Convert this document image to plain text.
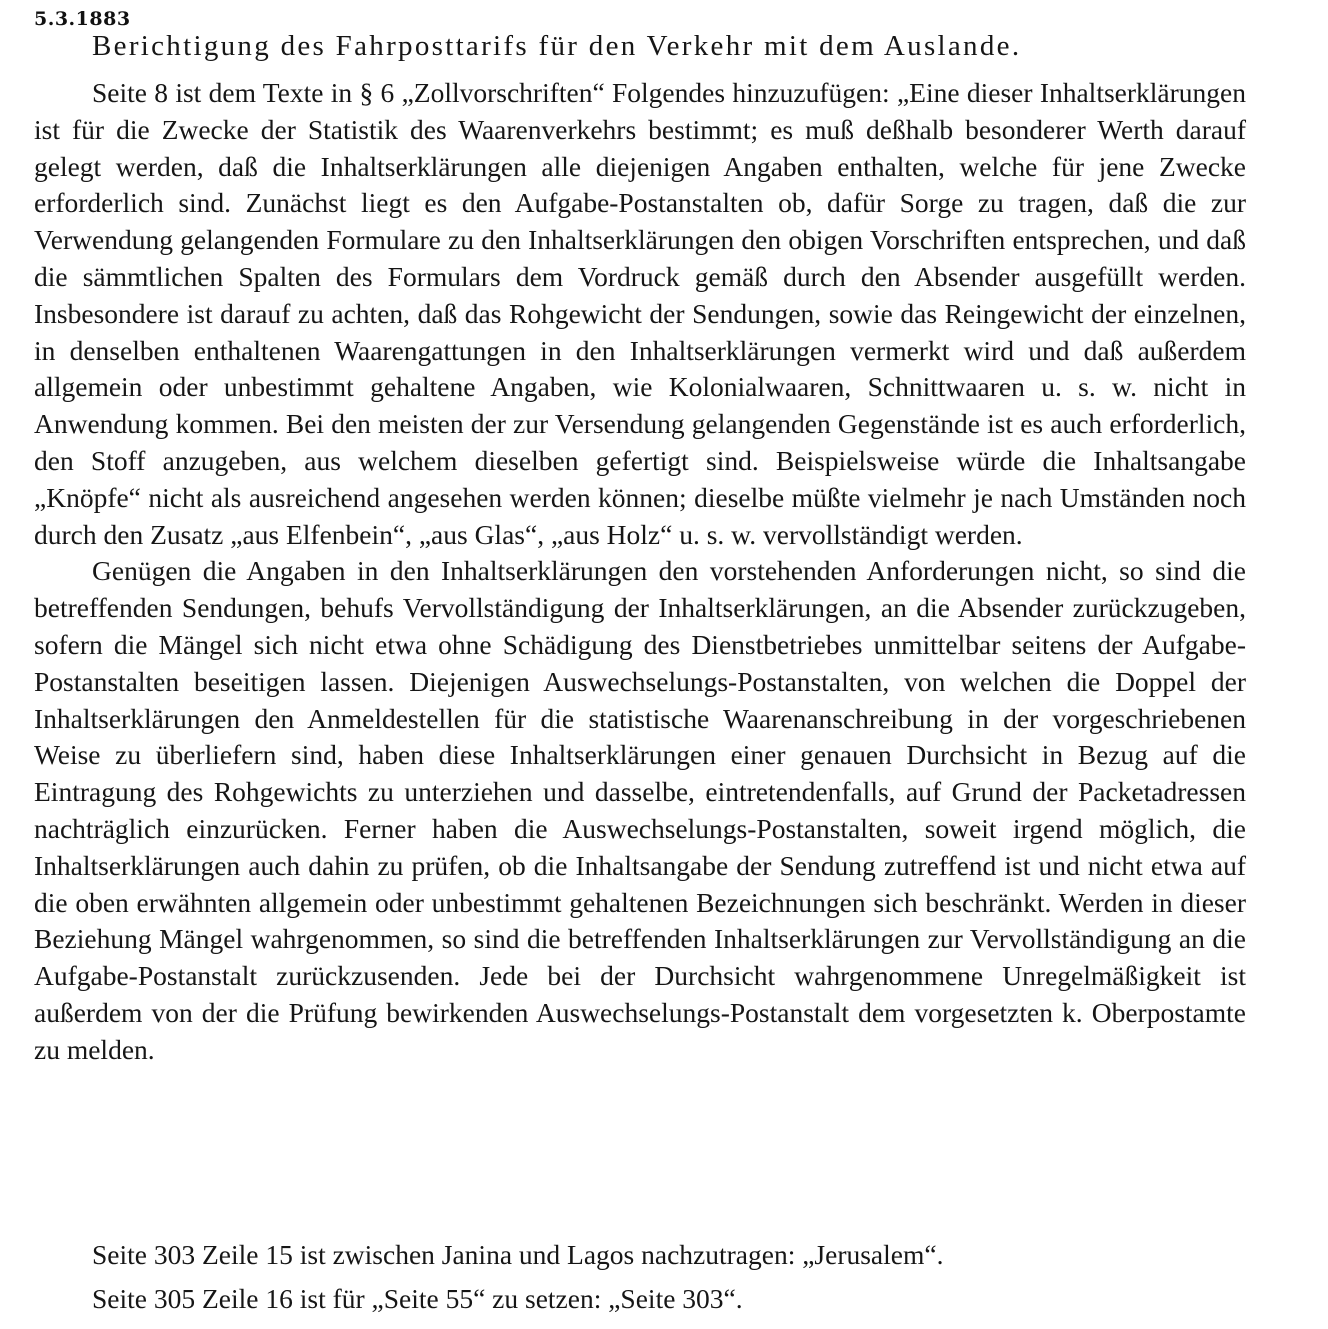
5.3.1883
Berichtigung des Fahrposttarifs für den Verkehr mit dem Auslande.

Seite 8 ist dem Texte in § 6 „Zollvorschriften“ Folgendes hinzuzufügen: „Eine dieser Inhaltserklärungen ist für die Zwecke der Statistik des Waarenverkehrs bestimmt; es muß deßhalb besonderer Werth darauf gelegt werden, daß die Inhaltserklärungen alle diejenigen Angaben enthalten, welche für jene Zwecke erforderlich sind. Zunächst liegt es den Aufgabe-Postanstalten ob, dafür Sorge zu tragen, daß die zur Verwendung gelangenden Formulare zu den Inhaltserklärungen den obigen Vorschriften entsprechen, und daß die sämmtlichen Spalten des Formulars dem Vordruck gemäß durch den Absender ausgefüllt werden. Insbesondere ist darauf zu achten, daß das Rohgewicht der Sendungen, sowie das Reingewicht der einzelnen, in denselben enthaltenen Waarengattungen in den Inhaltserklärungen vermerkt wird und daß außerdem allgemein oder unbestimmt gehaltene Angaben, wie Kolonialwaaren, Schnittwaaren u. s. w. nicht in Anwendung kommen. Bei den meisten der zur Versendung gelangenden Gegenstände ist es auch erforderlich, den Stoff anzugeben, aus welchem dieselben gefertigt sind. Beispielsweise würde die Inhaltsangabe „Knöpfe“ nicht als ausreichend angesehen werden können; dieselbe müßte vielmehr je nach Umständen noch durch den Zusatz „aus Elfenbein“, „aus Glas“, „aus Holz“ u. s. w. vervollständigt werden.

Genügen die Angaben in den Inhaltserklärungen den vorstehenden Anforderungen nicht, so sind die betreffenden Sendungen, behufs Vervollständigung der Inhaltserklärungen, an die Absender zurückzugeben, sofern die Mängel sich nicht etwa ohne Schädigung des Dienstbetriebes unmittelbar seitens der Aufgabe-Postanstalten beseitigen lassen. Diejenigen Auswechselungs-Postanstalten, von welchen die Doppel der Inhaltserklärungen den Anmeldestellen für die statistische Waarenanschreibung in der vorgeschriebenen Weise zu überliefern sind, haben diese Inhaltserklärungen einer genauen Durchsicht in Bezug auf die Eintragung des Rohgewichts zu unterziehen und dasselbe, eintretendenfalls, auf Grund der Packetadressen nachträglich einzurücken. Ferner haben die Auswechselungs-Postanstalten, soweit irgend möglich, die Inhaltserklärungen auch dahin zu prüfen, ob die Inhaltsangabe der Sendung zutreffend ist und nicht etwa auf die oben erwähnten allgemein oder unbestimmt gehaltenen Bezeichnungen sich beschränkt. Werden in dieser Beziehung Mängel wahrgenommen, so sind die betreffenden Inhaltserklärungen zur Vervollständigung an die Aufgabe-Postanstalt zurückzusenden. Jede bei der Durchsicht wahrgenommene Unregelmäßigkeit ist außerdem von der die Prüfung bewirkenden Auswechselungs-Postanstalt dem vorgesetzten k. Oberpostamte zu melden.

Seite 303 Zeile 15 ist zwischen Janina und Lagos nachzutragen: „Jerusalem“.
Seite 305 Zeile 16 ist für „Seite 55“ zu setzen: „Seite 303“.
